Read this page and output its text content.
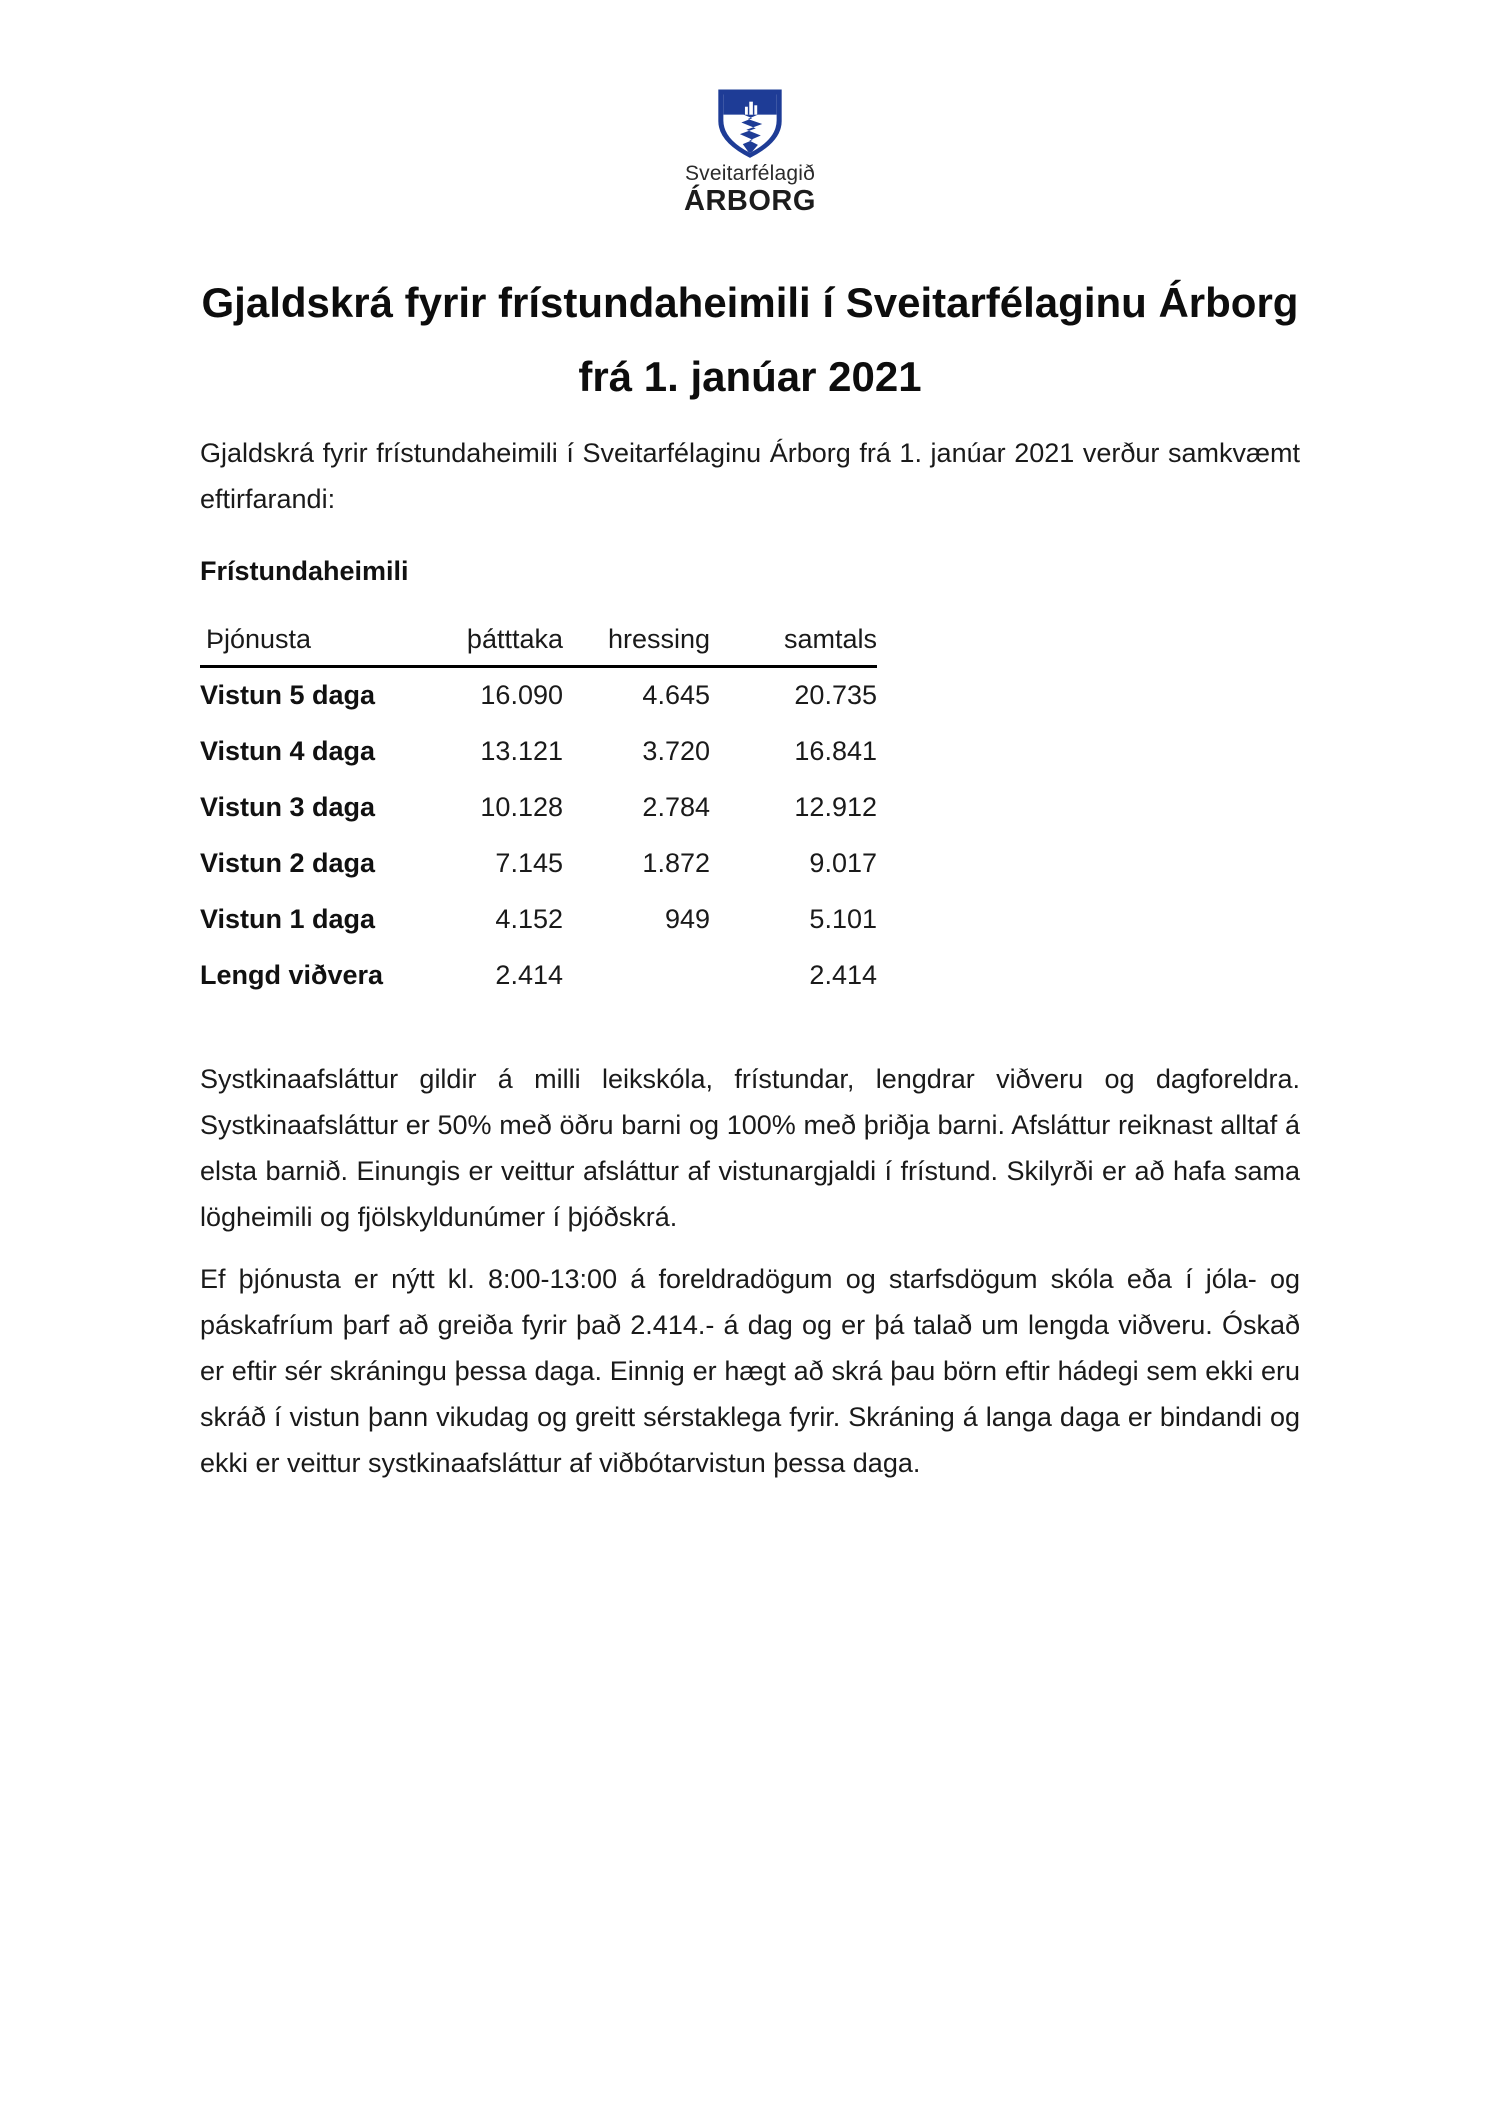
Sveitarfélagið
ÁRBORG
Gjaldskrá fyrir frístundaheimili í Sveitarfélaginu Árborg
frá 1. janúar 2021

Gjaldskrá fyrir frístundaheimili í Sveitarfélaginu Árborg frá 1. janúar 2021 verður samkvæmt eftirfarandi:

Frístundaheimili
Þjónusta	þátttaka	hressing	samtals
Vistun 5 daga	16.090	4.645	20.735
Vistun 4 daga	13.121	3.720	16.841
Vistun 3 daga	10.128	2.784	12.912
Vistun 2 daga	7.145	1.872	9.017
Vistun 1 daga	4.152	949	5.101
Lengd viðvera	2.414		2.414

Systkinaafsláttur gildir á milli leikskóla, frístundar, lengdrar viðveru og dagforeldra. Systkinaafsláttur er 50% með öðru barni og 100% með þriðja barni. Afsláttur reiknast alltaf á elsta barnið. Einungis er veittur afsláttur af vistunargjaldi í frístund. Skilyrði er að hafa sama lögheimili og fjölskyldunúmer í þjóðskrá.

Ef þjónusta er nýtt kl. 8:00-13:00 á foreldradögum og starfsdögum skóla eða í jóla- og páskafríum þarf að greiða fyrir það 2.414.- á dag og er þá talað um lengda viðveru. Óskað er eftir sér skráningu þessa daga. Einnig er hægt að skrá þau börn eftir hádegi sem ekki eru skráð í vistun þann vikudag og greitt sérstaklega fyrir. Skráning á langa daga er bindandi og ekki er veittur systkinaafsláttur af viðbótarvistun þessa daga.
